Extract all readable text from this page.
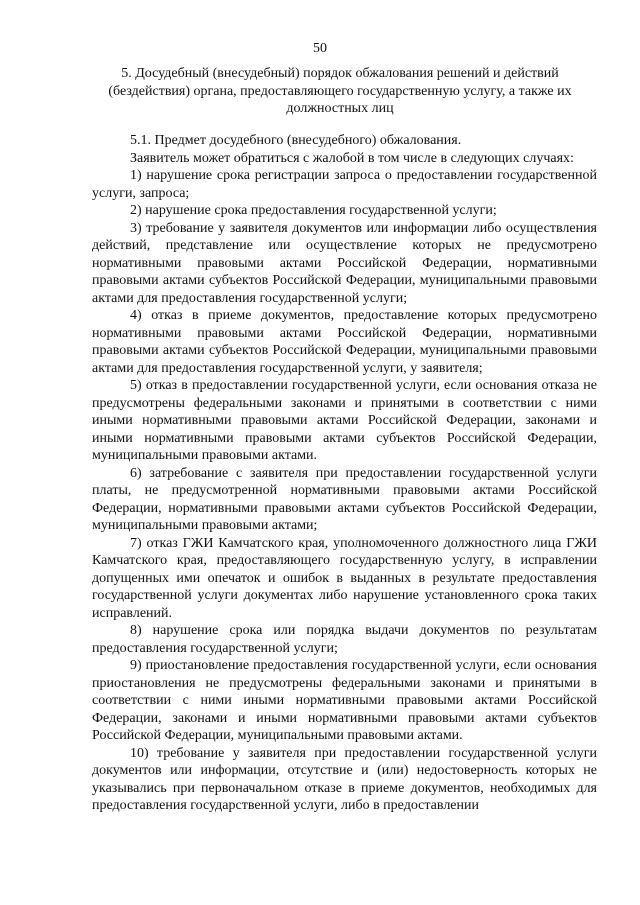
50
5. Досудебный (внесудебный) порядок обжалования решений и действий (бездействия) органа, предоставляющего государственную услугу, а также их должностных лиц

5.1. Предмет досудебного (внесудебного) обжалования.

Заявитель может обратиться с жалобой в том числе в следующих случаях:

1) нарушение срока регистрации запроса о предоставлении государственной услуги, запроса;

2) нарушение срока предоставления государственной услуги;

3) требование у заявителя документов или информации либо осуществления действий, представление или осуществление которых не предусмотрено нормативными правовыми актами Российской Федерации, нормативными правовыми актами субъектов Российской Федерации, муниципальными правовыми актами для предоставления государственной услуги;

4) отказ в приеме документов, предоставление которых предусмотрено нормативными правовыми актами Российской Федерации, нормативными правовыми актами субъектов Российской Федерации, муниципальными правовыми актами для предоставления государственной услуги, у заявителя;

5) отказ в предоставлении государственной услуги, если основания отказа не предусмотрены федеральными законами и принятыми в соответствии с ними иными нормативными правовыми актами Российской Федерации, законами и иными нормативными правовыми актами субъектов Российской Федерации, муниципальными правовыми актами.

6) затребование с заявителя при предоставлении государственной услуги платы, не предусмотренной нормативными правовыми актами Российской Федерации, нормативными правовыми актами субъектов Российской Федерации, муниципальными правовыми актами;

7) отказ ГЖИ Камчатского края, уполномоченного должностного лица ГЖИ Камчатского края, предоставляющего государственную услугу, в исправлении допущенных ими опечаток и ошибок в выданных в результате предоставления государственной услуги документах либо нарушение установленного срока таких исправлений.

8) нарушение срока или порядка выдачи документов по результатам предоставления государственной услуги;

9) приостановление предоставления государственной услуги, если основания приостановления не предусмотрены федеральными законами и принятыми в соответствии с ними иными нормативными правовыми актами Российской Федерации, законами и иными нормативными правовыми актами субъектов Российской Федерации, муниципальными правовыми актами.

10) требование у заявителя при предоставлении государственной услуги документов или информации, отсутствие и (или) недостоверность которых не указывались при первоначальном отказе в приеме документов, необходимых для предоставления государственной услуги, либо в предоставлении
